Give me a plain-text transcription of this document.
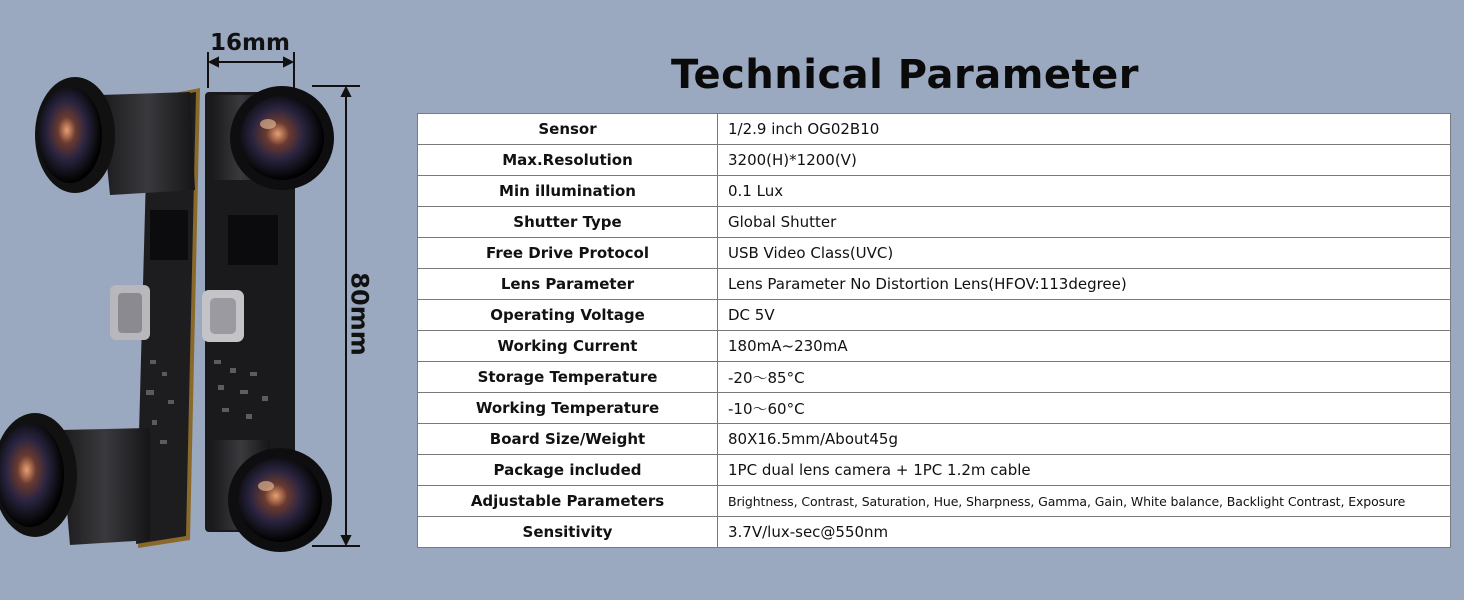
16mm
80mm
Technical Parameter
Sensor	1/2.9 inch OG02B10
Max.Resolution	3200(H)*1200(V)
Min illumination	0.1 Lux
Shutter Type	Global Shutter
Free Drive Protocol	USB Video Class(UVC)
Lens Parameter	Lens Parameter No Distortion Lens(HFOV:113degree)
Operating Voltage	DC 5V
Working Current	180mA~230mA
Storage Temperature	-20～85°C
Working Temperature	-10～60°C
Board Size/Weight	80X16.5mm/About45g
Package included	1PC dual lens camera + 1PC 1.2m cable
Adjustable Parameters	Brightness, Contrast, Saturation, Hue, Sharpness, Gamma, Gain, White balance, Backlight Contrast, Exposure
Sensitivity	3.7V/lux-sec@550nm
